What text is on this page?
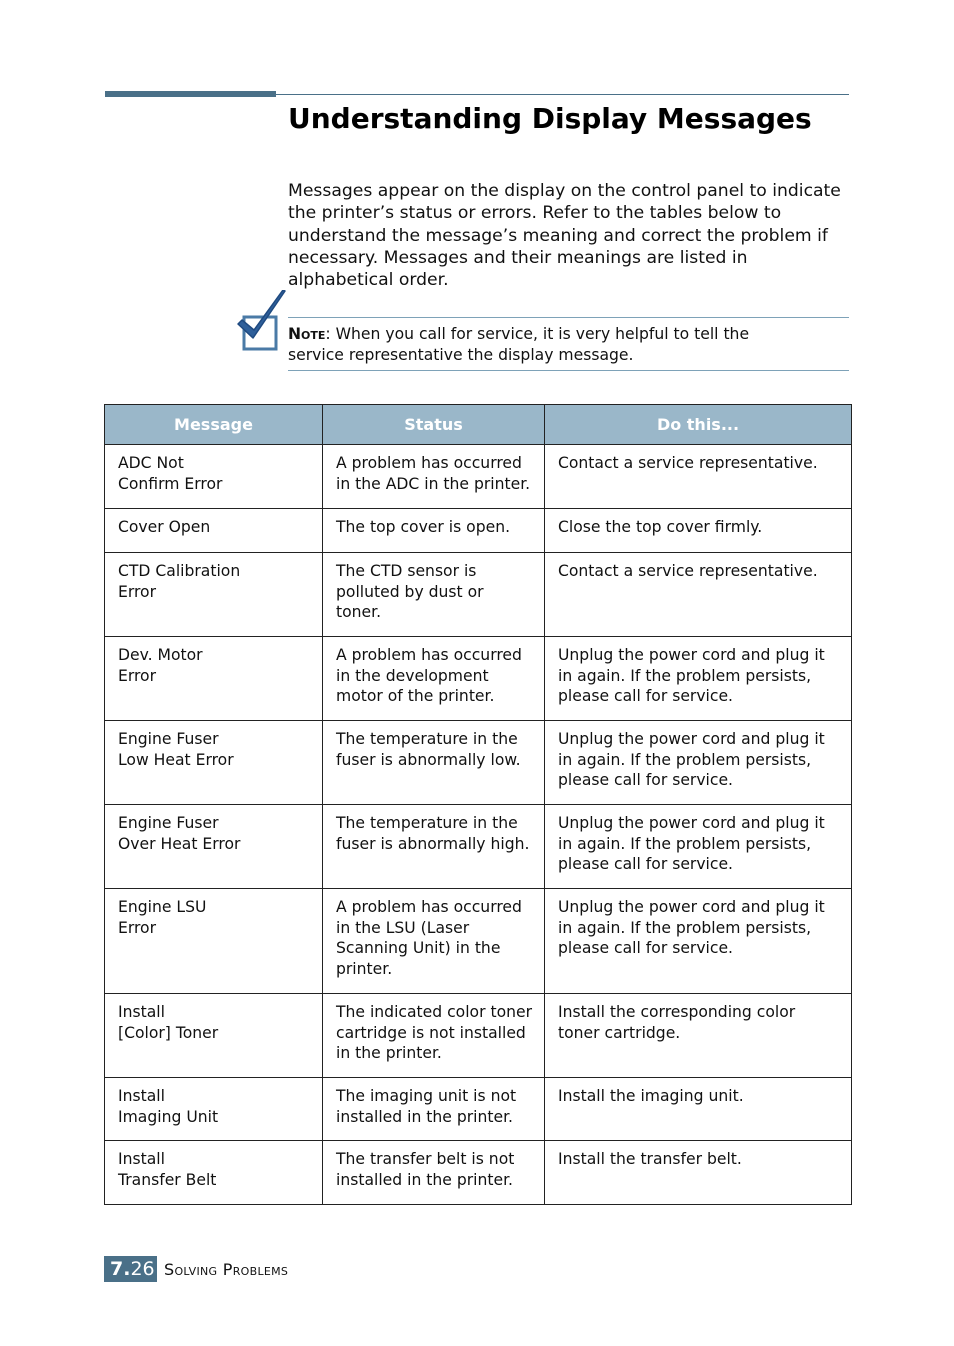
Understanding Display Messages
Messages appear on the display on the control panel to indicate
the printer’s status or errors. Refer to the tables below to
understand the message’s meaning and correct the problem if
necessary. Messages and their meanings are listed in
alphabetical order.
Note: When you call for service, it is very helpful to tell the
service representative the display message.
Message	Status	Do this...

ADC Not
Confirm Error	A problem has occurred
in the ADC in the printer.	Contact a service representative.

Cover Open	The top cover is open.	Close the top cover firmly.

CTD Calibration
Error	The CTD sensor is
polluted by dust or
toner.	Contact a service representative.

Dev. Motor
Error	A problem has occurred
in the development
motor of the printer.	Unplug the power cord and plug it
in again. If the problem persists,
please call for service.

Engine Fuser
Low Heat Error	The temperature in the
fuser is abnormally low.	Unplug the power cord and plug it
in again. If the problem persists,
please call for service.

Engine Fuser
Over Heat Error	The temperature in the
fuser is abnormally high.	Unplug the power cord and plug it
in again. If the problem persists,
please call for service.

Engine LSU
Error	A problem has occurred
in the LSU (Laser
Scanning Unit) in the
printer.	Unplug the power cord and plug it
in again. If the problem persists,
please call for service.

Install
[Color] Toner	The indicated color toner
cartridge is not installed
in the printer.	Install the corresponding color
toner cartridge.

Install
Imaging Unit	The imaging unit is not
installed in the printer.	Install the imaging unit.

Install
Transfer Belt	The transfer belt is not
installed in the printer.	Install the transfer belt.
7.26 Solving Problems
